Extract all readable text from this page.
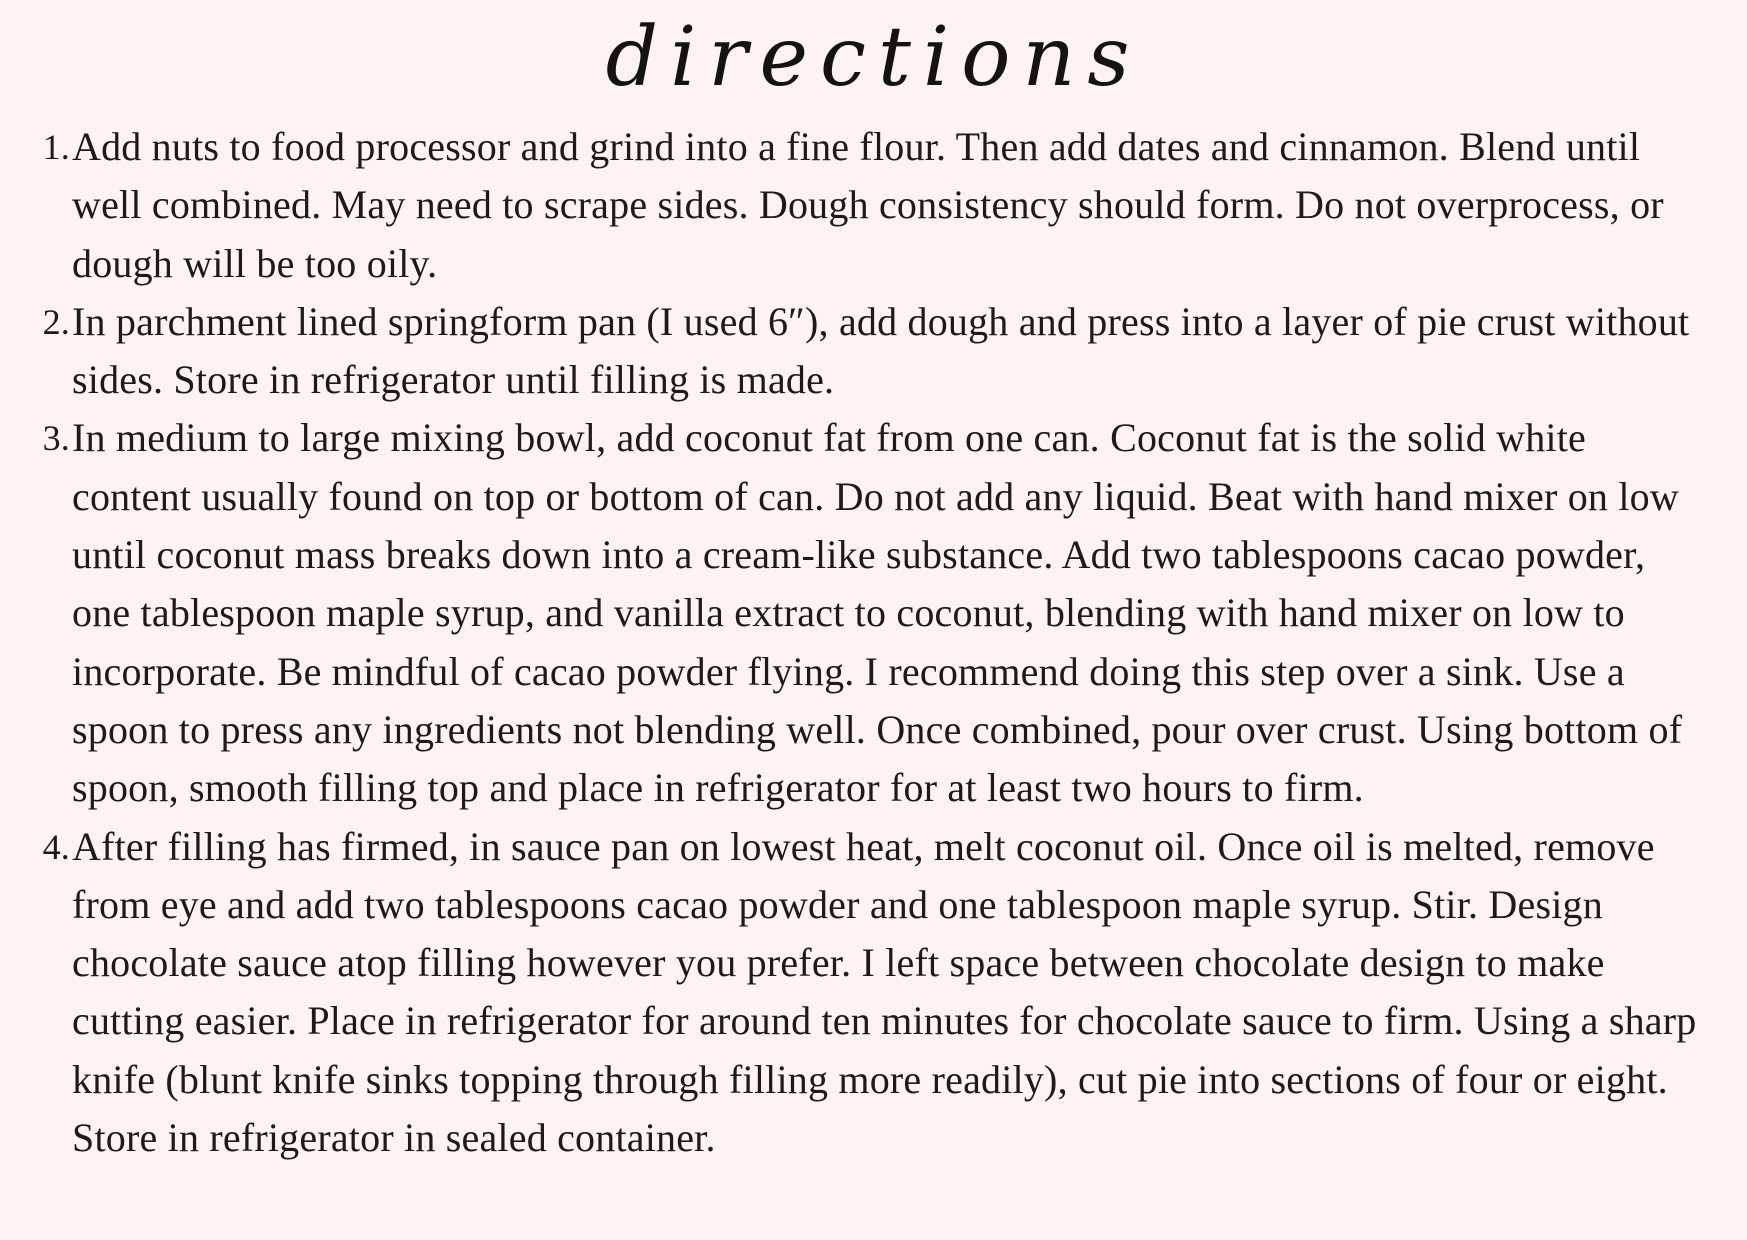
directions
1. Add nuts to food processor and grind into a fine flour. Then add dates and cinnamon. Blend until well combined. May need to scrape sides. Dough consistency should form. Do not overprocess, or dough will be too oily.
2. In parchment lined springform pan (I used 6″), add dough and press into a layer of pie crust without sides. Store in refrigerator until filling is made.
3. In medium to large mixing bowl, add coconut fat from one can. Coconut fat is the solid white content usually found on top or bottom of can. Do not add any liquid. Beat with hand mixer on low until coconut mass breaks down into a cream-like substance. Add two tablespoons cacao powder, one tablespoon maple syrup, and vanilla extract to coconut, blending with hand mixer on low to incorporate. Be mindful of cacao powder flying. I recommend doing this step over a sink. Use a spoon to press any ingredients not blending well. Once combined, pour over crust. Using bottom of spoon, smooth filling top and place in refrigerator for at least two hours to firm.
4. After filling has firmed, in sauce pan on lowest heat, melt coconut oil. Once oil is melted, remove from eye and add two tablespoons cacao powder and one tablespoon maple syrup. Stir. Design chocolate sauce atop filling however you prefer. I left space between chocolate design to make cutting easier. Place in refrigerator for around ten minutes for chocolate sauce to firm. Using a sharp knife (blunt knife sinks topping through filling more readily), cut pie into sections of four or eight. Store in refrigerator in sealed container.
